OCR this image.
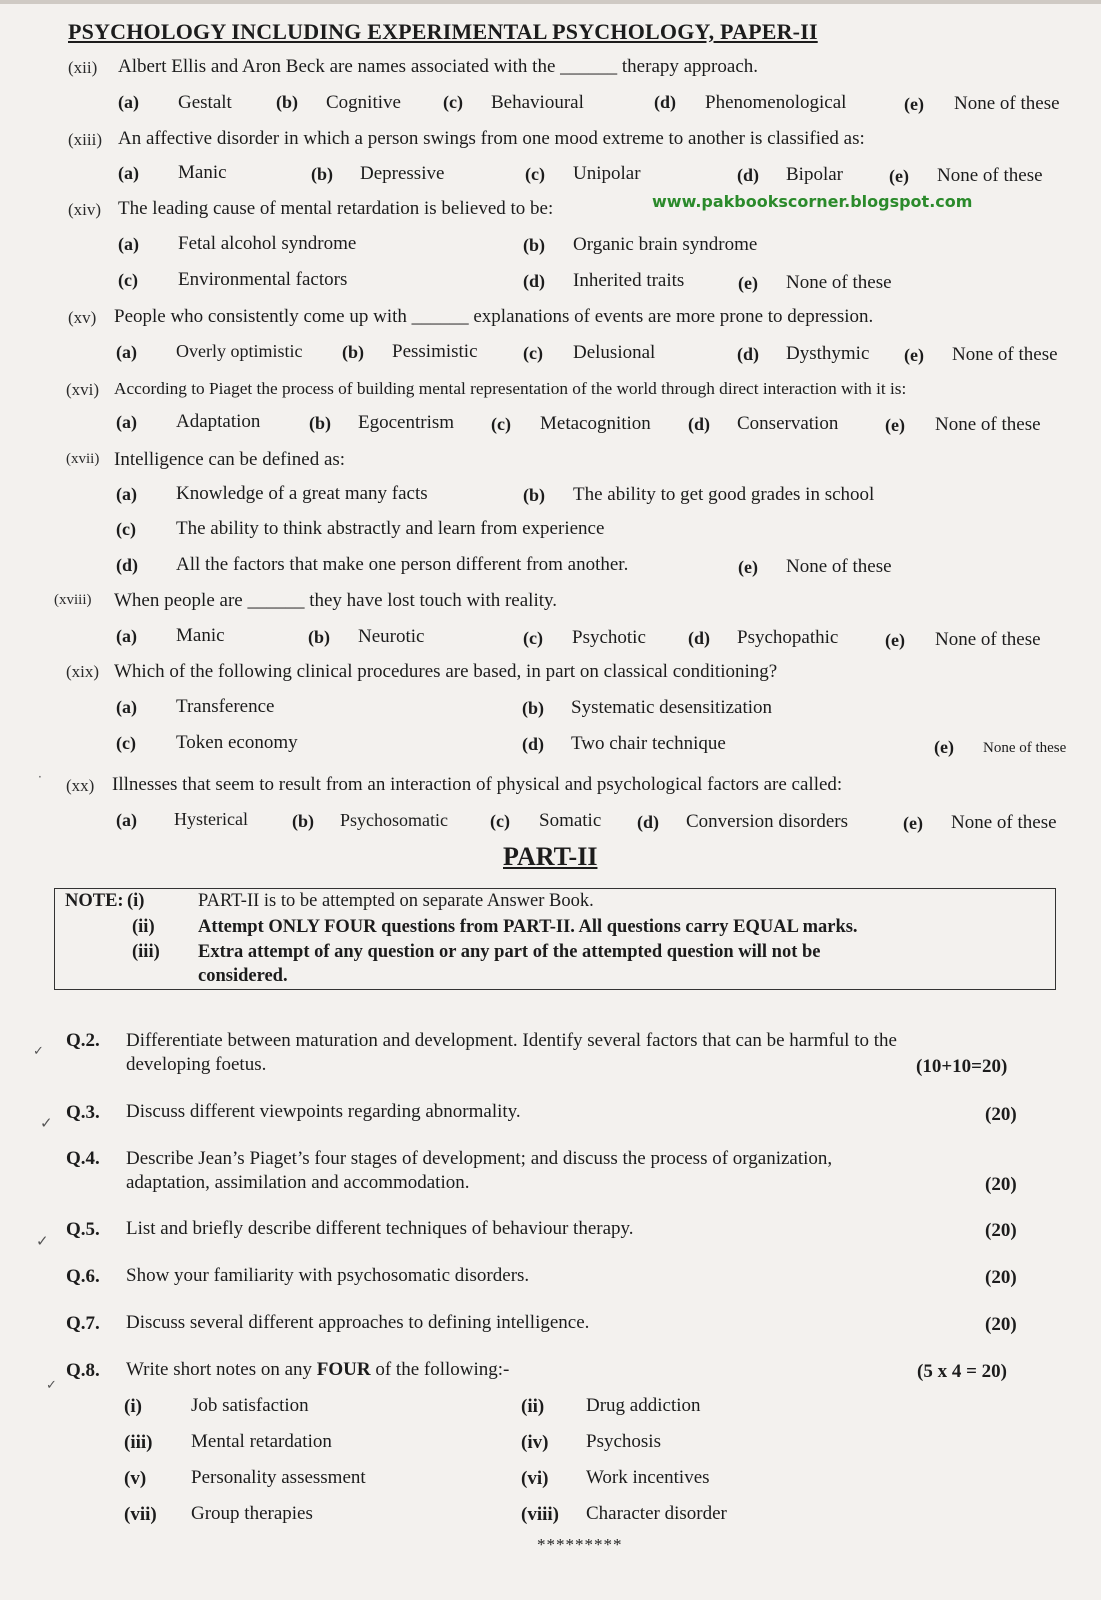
PSYCHOLOGY INCLUDING EXPERIMENTAL PSYCHOLOGY, PAPER-II
(xii) Albert Ellis and Aron Beck are names associated with the ______ therapy approach.
(a) Gestalt (b) Cognitive (c) Behavioural	(d) Phenomenological	(e) None of these
(xiii) An affective disorder in which a person swings from one mood extreme to another is classified as:
(a) Manic	(b) Depressive	(c) Unipolar	(d) Bipolar	(e) None of these
(xiv) The leading cause of mental retardation is believed to be:	www.pakbookscorner.blogspot.com
(a) Fetal alcohol syndrome	(b) Organic brain syndrome
(c) Environmental factors	(d) Inherited traits	(e) None of these
(xv) People who consistently come up with ______ explanations of events are more prone to depression.
(a) Overly optimistic (b) Pessimistic	(c) Delusional	(d) Dysthymic (e) None of these
(xvi) According to Piaget the process of building mental representation of the world through direct interaction with it is:
(a) Adaptation	(b) Egocentrism (c) Metacognition (d) Conservation	(e) None of these
(xvii) Intelligence can be defined as:
(a) Knowledge of a great many facts	(b) The ability to get good grades in school
(c) The ability to think abstractly and learn from experience
(d) All the factors that make one person different from another.	(e) None of these
(xviii) When people are ______ they have lost touch with reality.
(a) Manic	(b) Neurotic	(c) Psychotic (d) Psychopathic	(e) None of these
(xix) Which of the following clinical procedures are based, in part on classical conditioning?
(a) Transference	(b) Systematic desensitization
(c) Token economy	(d) Two chair technique	(e) None of these
· (xx) Illnesses that seem to result from an interaction of physical and psychological factors are called:
(a) Hysterical (b) Psychosomatic (c) Somatic (d) Conversion disorders	(e) None of these
PART-II
NOTE: (i)	PART-II is to be attempted on separate Answer Book.
(ii) Attempt ONLY FOUR questions from PART-II. All questions carry EQUAL marks.
(iii) Extra attempt of any question or any part of the attempted question will not be
considered.
✓
Q.2. Differentiate between maturation and development. Identify several factors that can be harmful to the
developing foetus.	(10+10=20)
✓ Q.3. Discuss different viewpoints regarding abnormality.	(20)
Q.4. Describe Jean’s Piaget’s four stages of development; and discuss the process of organization,
adaptation, assimilation and accommodation.	(20)
✓
Q.5. List and briefly describe different techniques of behaviour therapy.	(20)
Q.6. Show your familiarity with psychosomatic disorders.	(20)
Q.7. Discuss several different approaches to defining intelligence.	(20)
✓
Q.8. Write short notes on any FOUR of the following:-	(5 x 4 = 20)
(i)	Job satisfaction	(ii) Drug addiction
(iii) Mental retardation	(iv) Psychosis
(v) Personality assessment	(vi) Work incentives
(vii) Group therapies	(viii) Character disorder
*********
